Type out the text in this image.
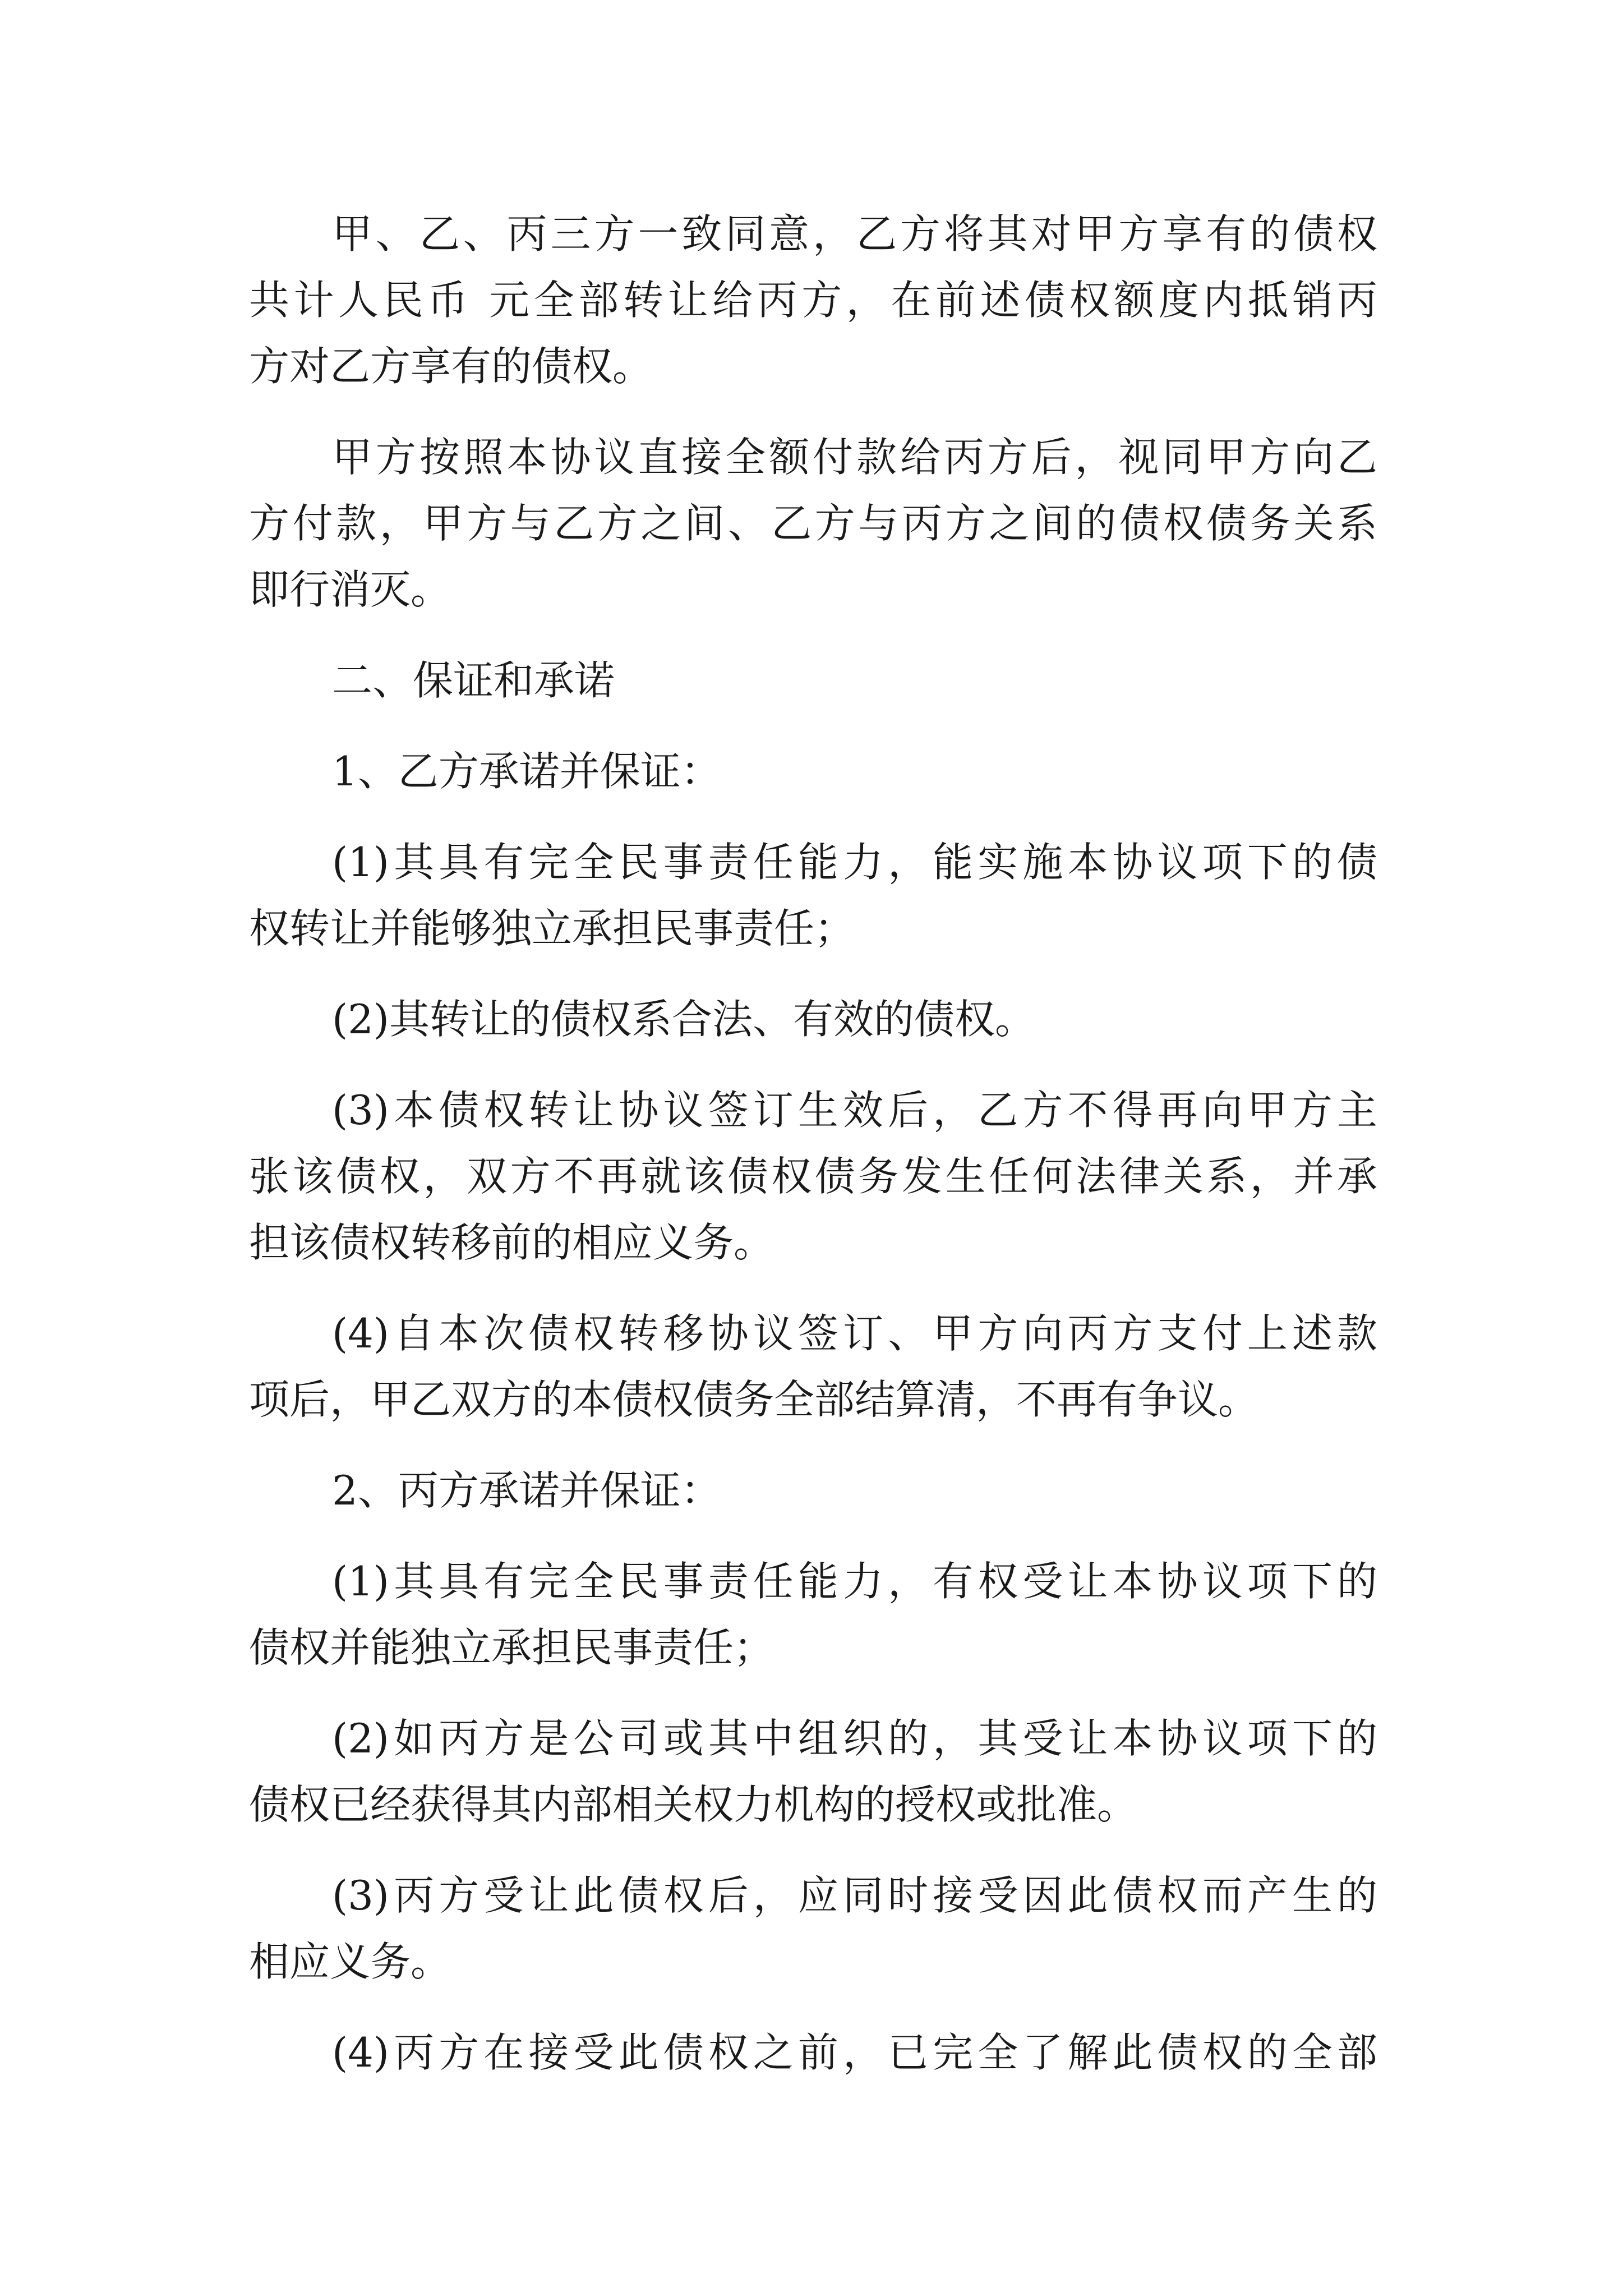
甲、乙、丙三方一致同意，乙方将其对甲方享有的债权
共计人民币 元全部转让给丙方，在前述债权额度内抵销丙
方对乙方享有的债权。
甲方按照本协议直接全额付款给丙方后，视同甲方向乙
方付款，甲方与乙方之间、乙方与丙方之间的债权债务关系
即行消灭。
二、保证和承诺
1、乙方承诺并保证：
(1)其具有完全民事责任能力，能实施本协议项下的债
权转让并能够独立承担民事责任；
(2)其转让的债权系合法、有效的债权。
(3)本债权转让协议签订生效后，乙方不得再向甲方主
张该债权，双方不再就该债权债务发生任何法律关系，并承
担该债权转移前的相应义务。
(4)自本次债权转移协议签订、甲方向丙方支付上述款
项后，甲乙双方的本债权债务全部结算清，不再有争议。
2、丙方承诺并保证：
(1)其具有完全民事责任能力，有权受让本协议项下的
债权并能独立承担民事责任；
(2)如丙方是公司或其中组织的，其受让本协议项下的
债权已经获得其内部相关权力机构的授权或批准。
(3)丙方受让此债权后，应同时接受因此债权而产生的
相应义务。
(4)丙方在接受此债权之前，已完全了解此债权的全部
